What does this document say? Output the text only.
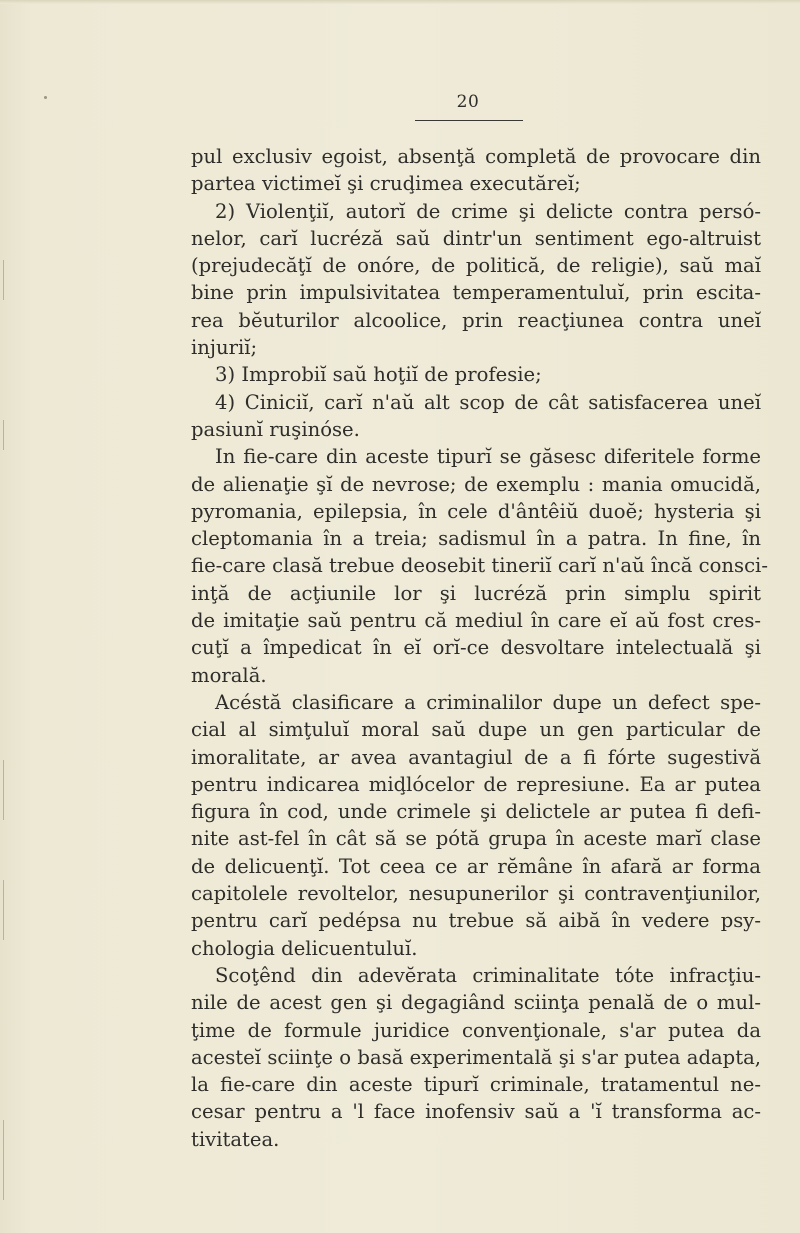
20
pul exclusiv egoist, absenţă completă de provocare din
partea victimeĭ şi cruḑimea executăreĭ;
2) Violenţiĭ, autorĭ de crime şi delicte contra persó-
nelor, carĭ lucréză saŭ dintr'un sentiment ego-altruist
(prejudecăţĭ de onóre, de politică, de religie), saŭ maĭ
bine prin impulsivitatea temperamentuluĭ, prin escita-
rea bĕuturilor alcoolice, prin reacţiunea contra uneĭ
injuriĭ;
3) Improbiĭ saŭ hoţiĭ de profesie;
4) Ciniciĭ, carĭ n'aŭ alt scop de cât satisfacerea uneĭ
pasiunĭ ruşinóse.
In fie-care din aceste tipurĭ se găsesc diferitele forme
de alienaţie şĭ de nevrose; de exemplu : mania omucidă,
pyromania, epilepsia, în cele d'ântêiŭ duoĕ; hysteria şi
cleptomania în a treia; sadismul în a patra. In fine, în
fie-care clasă trebue deosebit tineriĭ carĭ n'aŭ încă consci-
inţă de acţiunile lor şi lucréză prin simplu spirit
de imitaţie saŭ pentru că mediul în care eĭ aŭ fost cres-
cuţĭ a împedicat în eĭ orĭ-ce desvoltare intelectuală şi
morală.
Acéstă clasificare a criminalilor dupe un defect spe-
cial al simţuluĭ moral saŭ dupe un gen particular de
imoralitate, ar avea avantagiul de a fi fórte sugestivă
pentru indicarea miḑlócelor de represiune. Ea ar putea
figura în cod, unde crimele şi delictele ar putea fi defi-
nite ast-fel în cât să se pótă grupa în aceste marĭ clase
de delicuenţĭ. Tot ceea ce ar rĕmâne în afară ar forma
capitolele revoltelor, nesupunerilor şi contravenţiunilor,
pentru carĭ pedépsa nu trebue să aibă în vedere psy-
chologia delicuentuluĭ.
Scoţênd din adevĕrata criminalitate tóte infracţiu-
nile de acest gen şi degagiând sciinţa penală de o mul-
ţime de formule juridice convenţionale, s'ar putea da
acesteĭ sciinţe o basă experimentală şi s'ar putea adapta,
la fie-care din aceste tipurĭ criminale, tratamentul ne-
cesar pentru a 'l face inofensiv saŭ a 'ĭ transforma ac-
tivitatea.
